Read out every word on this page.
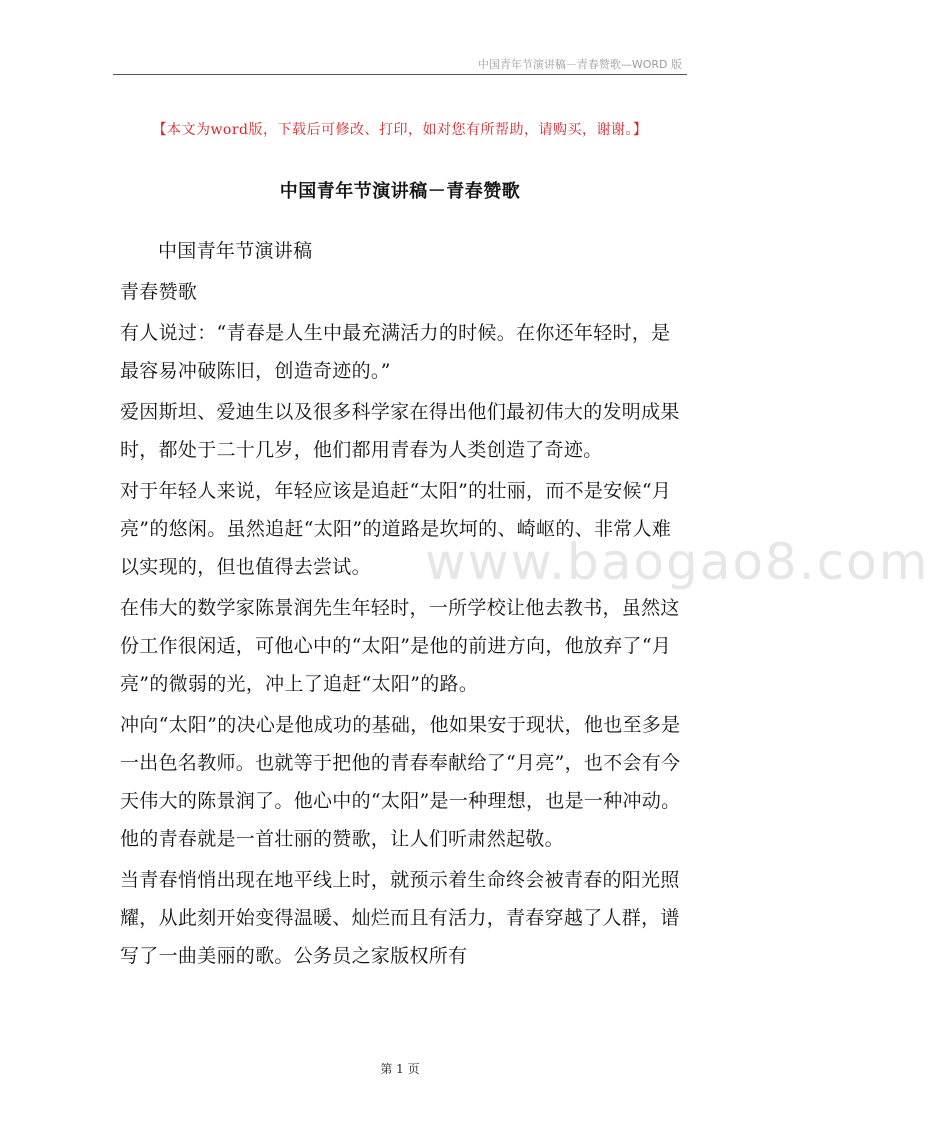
中国青年节演讲稿－青春赞歌—WORD 版
【本文为word版，下载后可修改、打印，如对您有所帮助，请购买，谢谢。】
中国青年节演讲稿－青春赞歌

中国青年节演讲稿

青春赞歌

有人说过：“青春是人生中最充满活力的时候。在你还年轻时，是最容易冲破陈旧，创造奇迹的。”

爱因斯坦、爱迪生以及很多科学家在得出他们最初伟大的发明成果时，都处于二十几岁，他们都用青春为人类创造了奇迹。

对于年轻人来说，年轻应该是追赶“太阳”的壮丽，而不是安候“月亮”的悠闲。虽然追赶“太阳”的道路是坎坷的、崎岖的、非常人难以实现的，但也值得去尝试。

在伟大的数学家陈景润先生年轻时，一所学校让他去教书，虽然这份工作很闲适，可他心中的“太阳”是他的前进方向，他放弃了“月亮”的微弱的光，冲上了追赶“太阳”的路。

冲向“太阳”的决心是他成功的基础，他如果安于现状，他也至多是一出色名教师。也就等于把他的青春奉献给了“月亮”，也不会有今天伟大的陈景润了。他心中的“太阳”是一种理想，也是一种冲动。他的青春就是一首壮丽的赞歌，让人们听肃然起敬。

当青春悄悄出现在地平线上时，就预示着生命终会被青春的阳光照耀，从此刻开始变得温暖、灿烂而且有活力，青春穿越了人群，谱写了一曲美丽的歌。公务员之家版权所有

www.baogao8.com
第 1 页
